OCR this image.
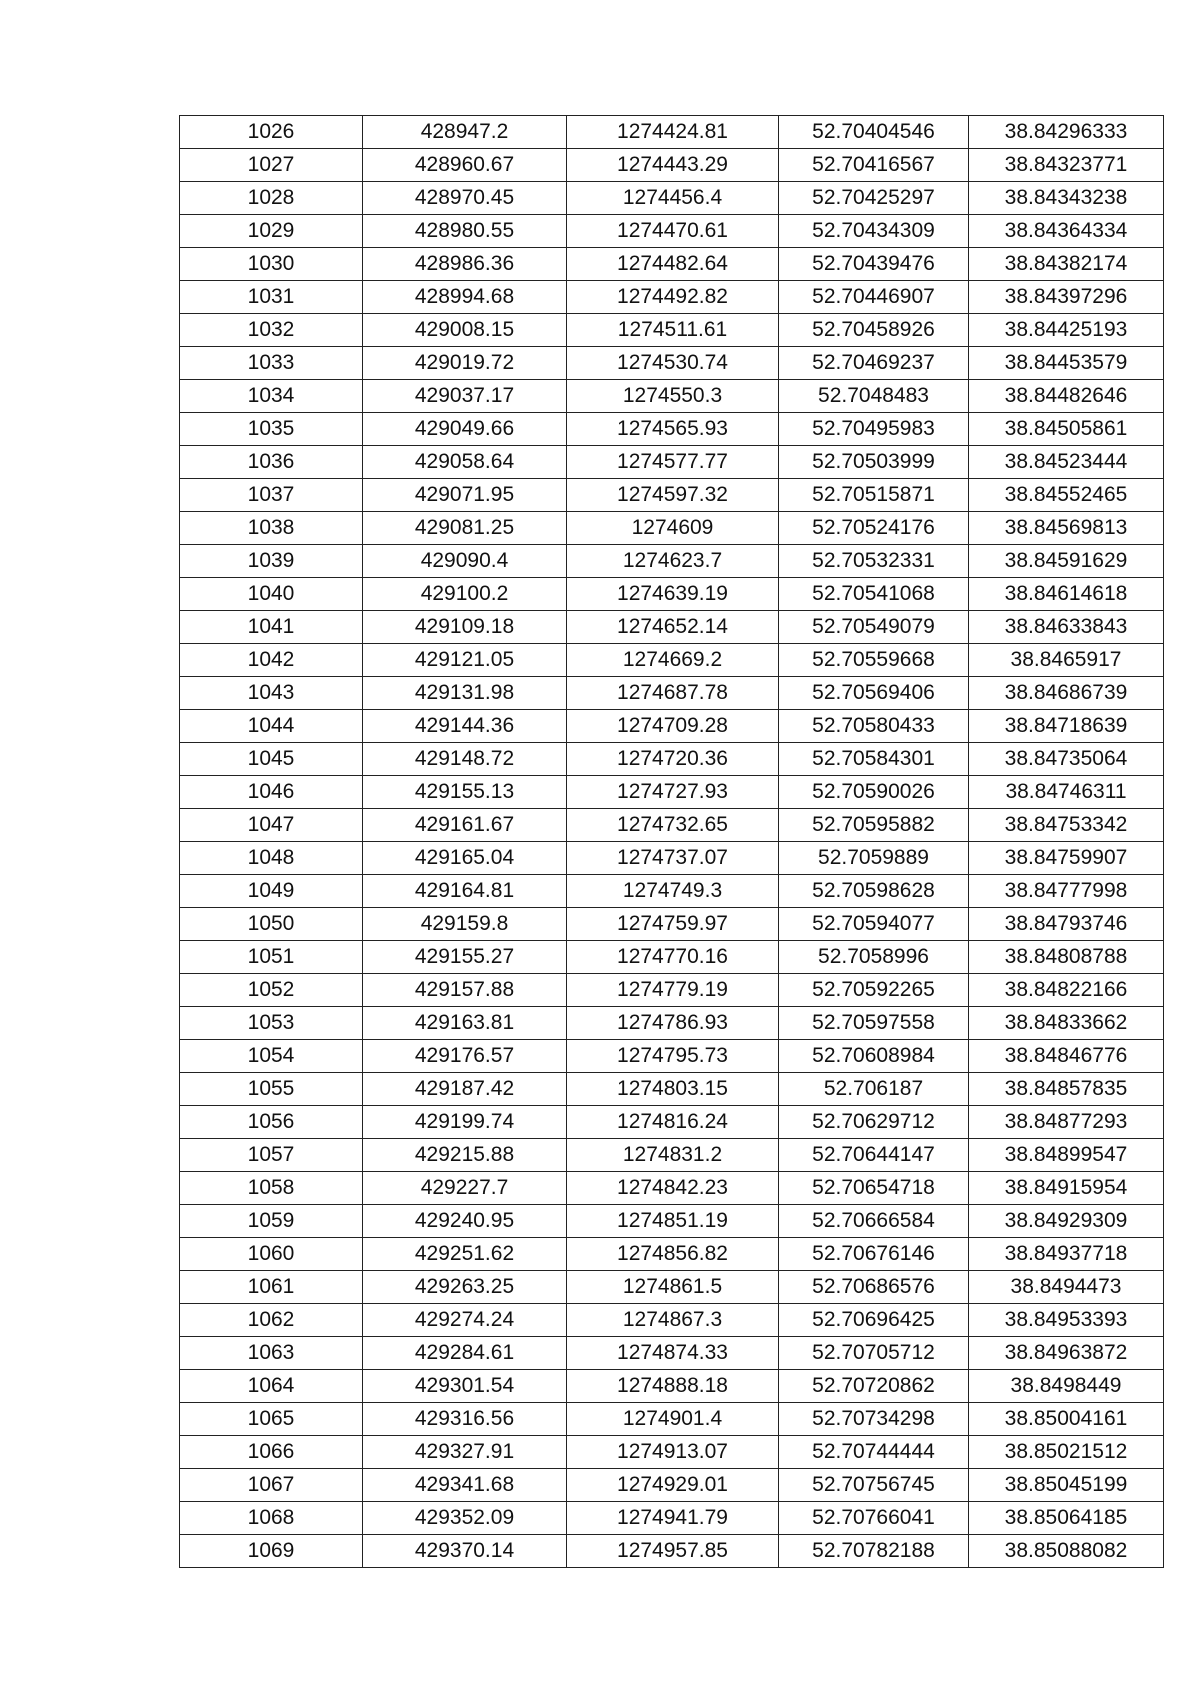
1026	428947.2	1274424.81	52.70404546	38.84296333
1027	428960.67	1274443.29	52.70416567	38.84323771
1028	428970.45	1274456.4	52.70425297	38.84343238
1029	428980.55	1274470.61	52.70434309	38.84364334
1030	428986.36	1274482.64	52.70439476	38.84382174
1031	428994.68	1274492.82	52.70446907	38.84397296
1032	429008.15	1274511.61	52.70458926	38.84425193
1033	429019.72	1274530.74	52.70469237	38.84453579
1034	429037.17	1274550.3	52.7048483	38.84482646
1035	429049.66	1274565.93	52.70495983	38.84505861
1036	429058.64	1274577.77	52.70503999	38.84523444
1037	429071.95	1274597.32	52.70515871	38.84552465
1038	429081.25	1274609	52.70524176	38.84569813
1039	429090.4	1274623.7	52.70532331	38.84591629
1040	429100.2	1274639.19	52.70541068	38.84614618
1041	429109.18	1274652.14	52.70549079	38.84633843
1042	429121.05	1274669.2	52.70559668	38.8465917
1043	429131.98	1274687.78	52.70569406	38.84686739
1044	429144.36	1274709.28	52.70580433	38.84718639
1045	429148.72	1274720.36	52.70584301	38.84735064
1046	429155.13	1274727.93	52.70590026	38.84746311
1047	429161.67	1274732.65	52.70595882	38.84753342
1048	429165.04	1274737.07	52.7059889	38.84759907
1049	429164.81	1274749.3	52.70598628	38.84777998
1050	429159.8	1274759.97	52.70594077	38.84793746
1051	429155.27	1274770.16	52.7058996	38.84808788
1052	429157.88	1274779.19	52.70592265	38.84822166
1053	429163.81	1274786.93	52.70597558	38.84833662
1054	429176.57	1274795.73	52.70608984	38.84846776
1055	429187.42	1274803.15	52.706187	38.84857835
1056	429199.74	1274816.24	52.70629712	38.84877293
1057	429215.88	1274831.2	52.70644147	38.84899547
1058	429227.7	1274842.23	52.70654718	38.84915954
1059	429240.95	1274851.19	52.70666584	38.84929309
1060	429251.62	1274856.82	52.70676146	38.84937718
1061	429263.25	1274861.5	52.70686576	38.8494473
1062	429274.24	1274867.3	52.70696425	38.84953393
1063	429284.61	1274874.33	52.70705712	38.84963872
1064	429301.54	1274888.18	52.70720862	38.8498449
1065	429316.56	1274901.4	52.70734298	38.85004161
1066	429327.91	1274913.07	52.70744444	38.85021512
1067	429341.68	1274929.01	52.70756745	38.85045199
1068	429352.09	1274941.79	52.70766041	38.85064185
1069	429370.14	1274957.85	52.70782188	38.85088082
